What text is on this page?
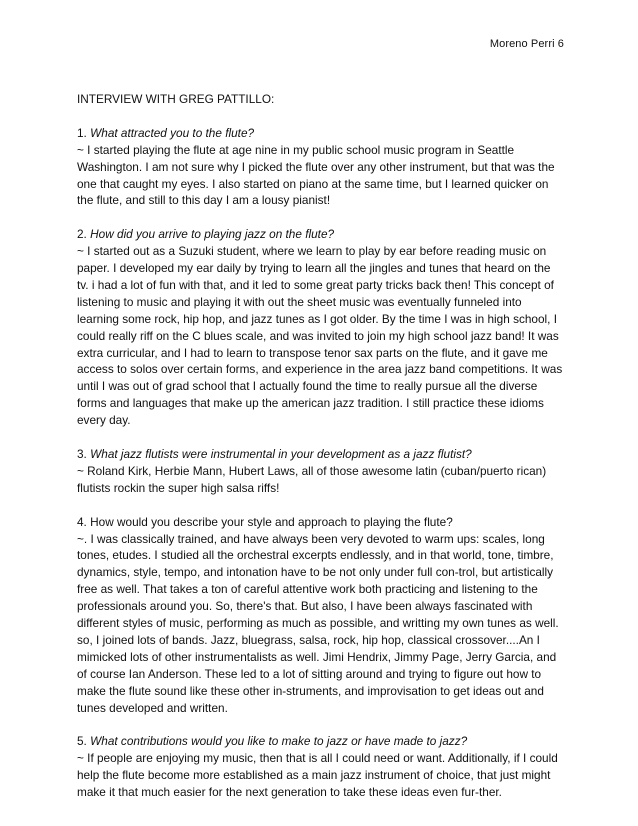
Moreno Perri 6

INTERVIEW WITH GREG PATTILLO:

1. What attracted you to the flute?

~ I started playing the flute at age nine in my public school music program in Seattle Washington. I am not sure why I picked the flute over any other instrument, but that was the one that caught my eyes. I also started on piano at the same time, but I learned quicker on the flute, and still to this day I am a lousy pianist!

2. How did you arrive to playing jazz on the flute?

~ I started out as a Suzuki student, where we learn to play by ear before reading music on paper. I developed my ear daily by trying to learn all the jingles and tunes that heard on the tv. i had a lot of fun with that, and it led to some great party tricks back then! This concept of listening to music and playing it with out the sheet music was eventually funneled into learning some rock, hip hop, and jazz tunes as I got older. By the time I was in high school, I could really riff on the C blues scale, and was invited to join my high school jazz band! It was extra curricular, and I had to learn to transpose tenor sax parts on the flute, and it gave me access to solos over certain forms, and experience in the area jazz band competitions. It was until I was out of grad school that I actually found the time to really pursue all the diverse forms and languages that make up the american jazz tradition. I still practice these idioms every day.

3. What jazz flutists were instrumental in your development as a jazz flutist?

~ Roland Kirk, Herbie Mann, Hubert Laws, all of those awesome latin (cuban/puerto rican) flutists rockin the super high salsa riffs!

4. How would you describe your style and approach to playing the flute?

~. I was classically trained, and have always been very devoted to warm ups: scales, long tones, etudes. I studied all the orchestral excerpts endlessly, and in that world, tone, timbre, dynamics, style, tempo, and intonation have to be not only under full con-trol, but artistically free as well. That takes a ton of careful attentive work both practicing and listening to the professionals around you. So, there's that. But also, I have been always fascinated with different styles of music, performing as much as possible, and writting my own tunes as well. so, I joined lots of bands. Jazz, bluegrass, salsa, rock, hip hop, classical crossover....An I mimicked lots of other instrumentalists as well. Jimi Hendrix, Jimmy Page, Jerry Garcia, and of course Ian Anderson. These led to a lot of sitting around and trying to figure out how to make the flute sound like these other in-struments, and improvisation to get ideas out and tunes developed and written.

5. What contributions would you like to make to jazz or have made to jazz?

~ If people are enjoying my music, then that is all I could need or want. Additionally, if I could help the flute become more established as a main jazz instrument of choice, that just might make it that much easier for the next generation to take these ideas even fur-ther.
